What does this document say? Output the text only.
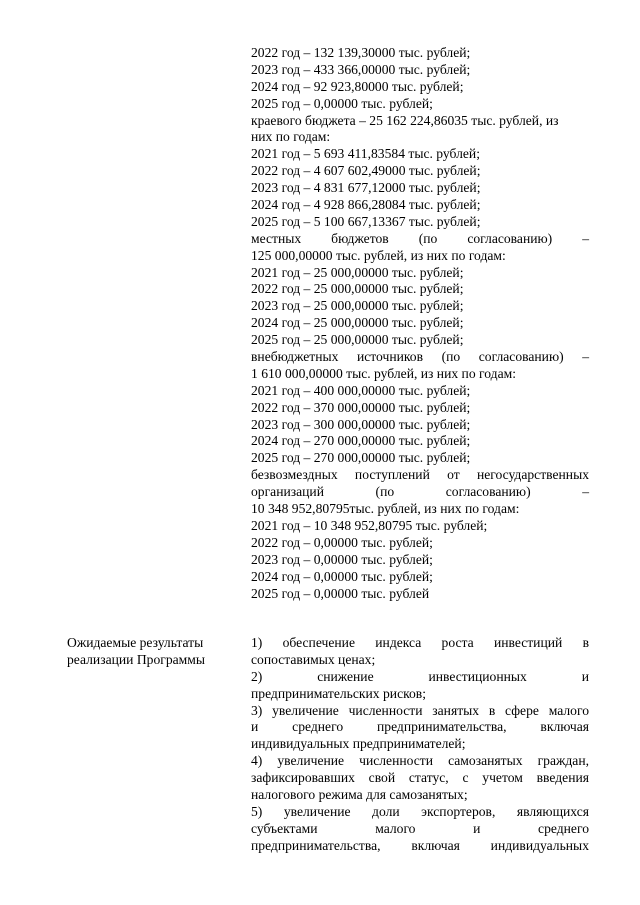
2022 год – 132 139,30000 тыс. рублей;
2023 год – 433 366,00000 тыс. рублей;
2024 год – 92 923,80000 тыс. рублей;
2025 год – 0,00000 тыс. рублей;
краевого бюджета – 25 162 224,86035 тыс. рублей, из
них по годам:
2021 год – 5 693 411,83584 тыс. рублей;
2022 год – 4 607 602,49000 тыс. рублей;
2023 год – 4 831 677,12000 тыс. рублей;
2024 год – 4 928 866,28084 тыс. рублей;
2025 год – 5 100 667,13367 тыс. рублей;
местных бюджетов (по согласованию) –
125 000,00000 тыс. рублей, из них по годам:
2021 год – 25 000,00000 тыс. рублей;
2022 год – 25 000,00000 тыс. рублей;
2023 год – 25 000,00000 тыс. рублей;
2024 год – 25 000,00000 тыс. рублей;
2025 год – 25 000,00000 тыс. рублей;
внебюджетных источников (по согласованию) –
1 610 000,00000 тыс. рублей, из них по годам:
2021 год – 400 000,00000 тыс. рублей;
2022 год – 370 000,00000 тыс. рублей;
2023 год – 300 000,00000 тыс. рублей;
2024 год – 270 000,00000 тыс. рублей;
2025 год – 270 000,00000 тыс. рублей;
безвозмездных поступлений от негосударственных
организаций (по согласованию) –
10 348 952,80795тыс. рублей, из них по годам:
2021 год – 10 348 952,80795 тыс. рублей;
2022 год – 0,00000 тыс. рублей;
2023 год – 0,00000 тыс. рублей;
2024 год – 0,00000 тыс. рублей;
2025 год – 0,00000 тыс. рублей
Ожидаемые результаты
реализации Программы
1) обеспечение индекса роста инвестиций в
сопоставимых ценах;
2) снижение инвестиционных и
предпринимательских рисков;
3) увеличение численности занятых в сфере малого
и среднего предпринимательства, включая
индивидуальных предпринимателей;
4) увеличение численности самозанятых граждан,
зафиксировавших свой статус, с учетом введения
налогового режима для самозанятых;
5) увеличение доли экспортеров, являющихся
субъектами малого и среднего
предпринимательства, включая индивидуальных
